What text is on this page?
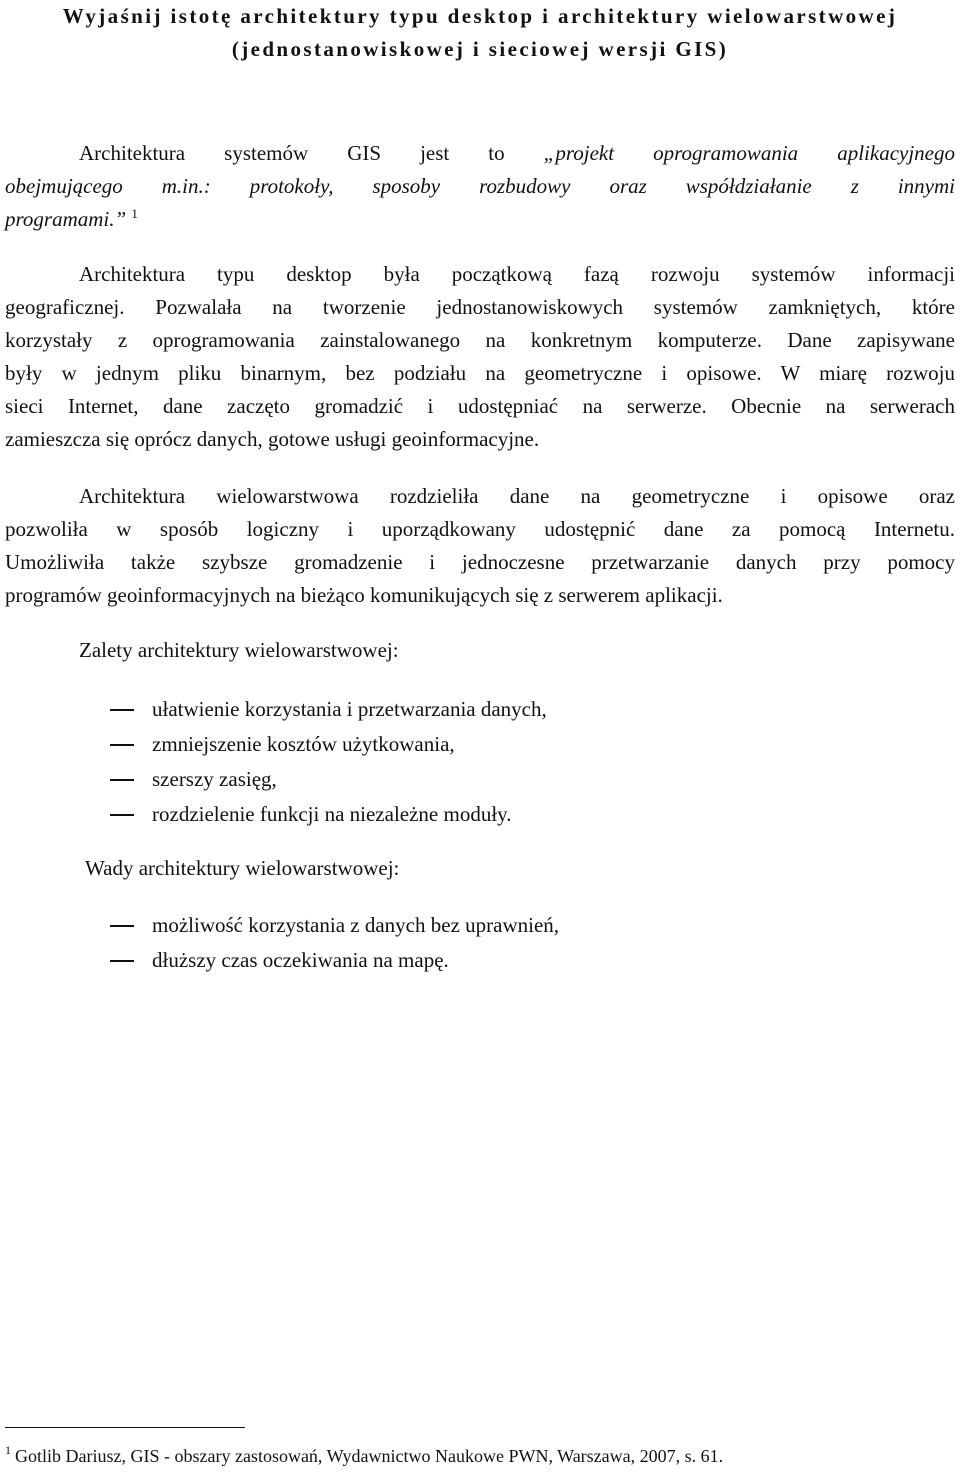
Wyjaśnij istotę architektury typu desktop i architektury wielowarstwowej
(jednostanowiskowej i sieciowej wersji GIS)
Architektura systemów GIS jest to „projekt oprogramowania aplikacyjnego
obejmującego m.in.: protokoły, sposoby rozbudowy oraz współdziałanie z innymi
programami.” $^1$
Architektura typu desktop była początkową fazą rozwoju systemów informacji
geograficznej. Pozwalała na tworzenie jednostanowiskowych systemów zamkniętych, które
korzystały z oprogramowania zainstalowanego na konkretnym komputerze. Dane zapisywane
były w jednym pliku binarnym, bez podziału na geometryczne i opisowe. W miarę rozwoju
sieci Internet, dane zaczęto gromadzić i udostępniać na serwerze. Obecnie na serwerach
zamieszcza się oprócz danych, gotowe usługi geoinformacyjne.
Architektura wielowarstwowa rozdzieliła dane na geometryczne i opisowe oraz
pozwoliła w sposób logiczny i uporządkowany udostępnić dane za pomocą Internetu.
Umożliwiła także szybsze gromadzenie i jednoczesne przetwarzanie danych przy pomocy
programów geoinformacyjnych na bieżąco komunikujących się z serwerem aplikacji.
Zalety architektury wielowarstwowej:
ułatwienie korzystania i przetwarzania danych,
zmniejszenie kosztów użytkowania,
szerszy zasięg,
rozdzielenie funkcji na niezależne moduły.
Wady architektury wielowarstwowej:
możliwość korzystania z danych bez uprawnień,
dłuższy czas oczekiwania na mapę.
$^1$ Gotlib Dariusz, GIS - obszary zastosowań, Wydawnictwo Naukowe PWN, Warszawa, 2007, s. 61.
